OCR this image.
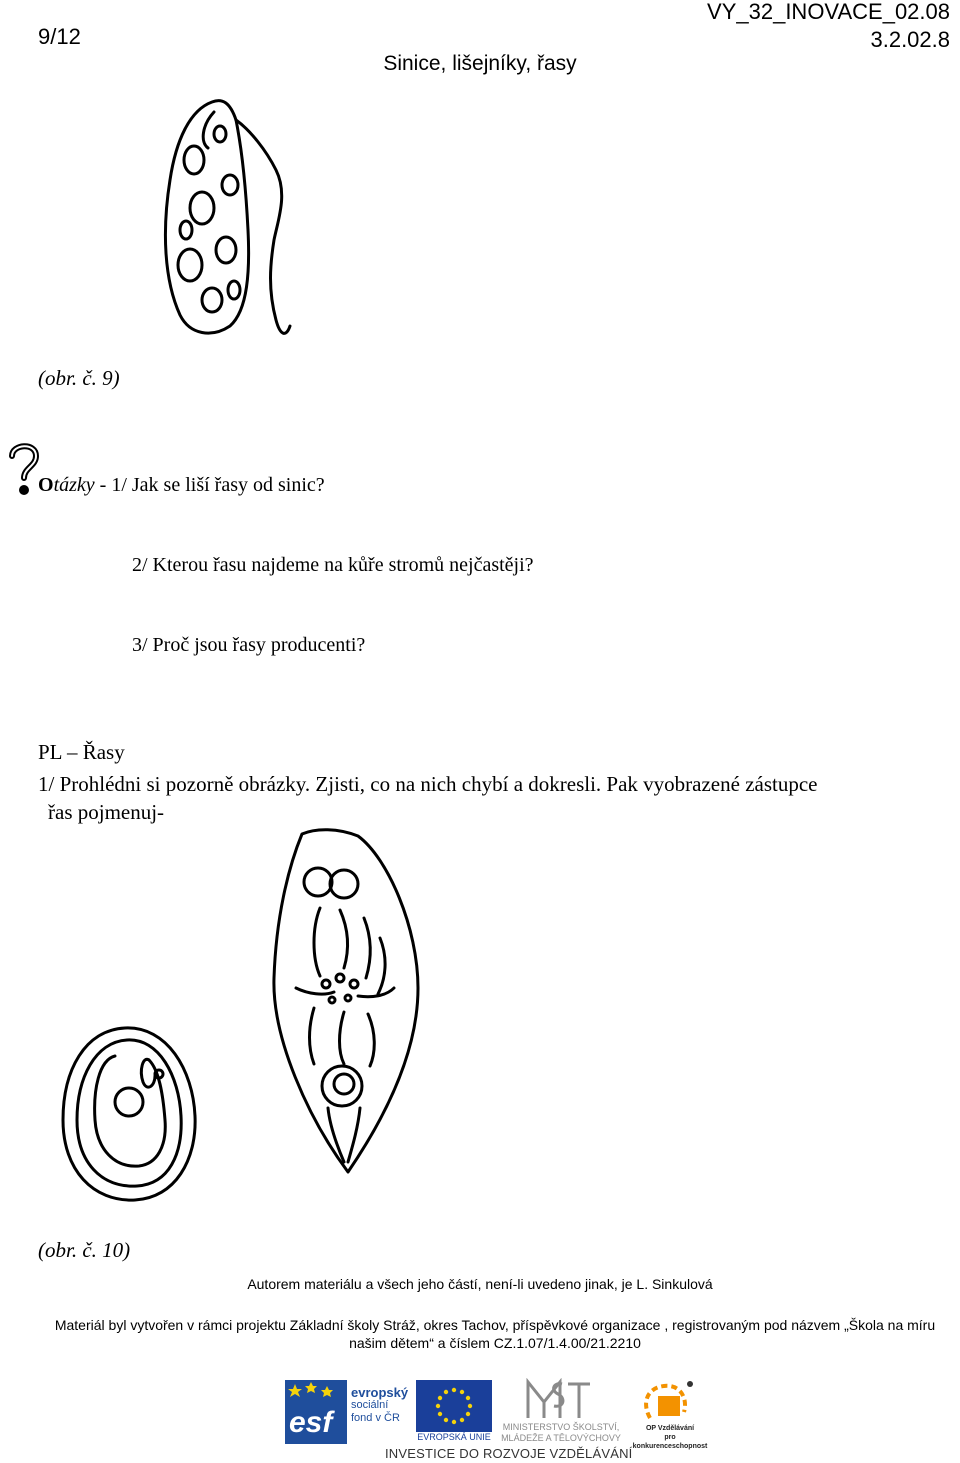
9/12
VY_32_INOVACE_02.08
3.2.02.8
Sinice, lišejníky, řasy
(obr. č. 9)
Otázky - 1/ Jak se liší řasy od sinic?
2/ Kterou řasu najdeme na kůře stromů nejčastěji?
3/ Proč jsou řasy producenti?
PL – Řasy
1/ Prohlédni si pozorně obrázky. Zjisti, co na nich chybí a dokresli. Pak vyobrazené zástupce
řas pojmenuj-
(obr. č. 10)
Autorem materiálu a všech jeho částí, není-li uvedeno jinak, je L. Sinkulová
Materiál byl vytvořen v rámci projektu Základní školy Stráž, okres Tachov, příspěvkové organizace , registrovaným pod názvem „Škola na míru
našim dětem“ a číslem CZ.1.07/1.4.00/21.2210
esf
evropský
sociální
fond v ČR
EVROPSKÁ UNIE
MINISTERSTVO ŠKOLSTVÍ,
MLÁDEŽE A TĚLOVÝCHOVY
OP Vzdělávání
pro konkurenceschopnost
INVESTICE DO ROZVOJE VZDĚLÁVÁNÍ
